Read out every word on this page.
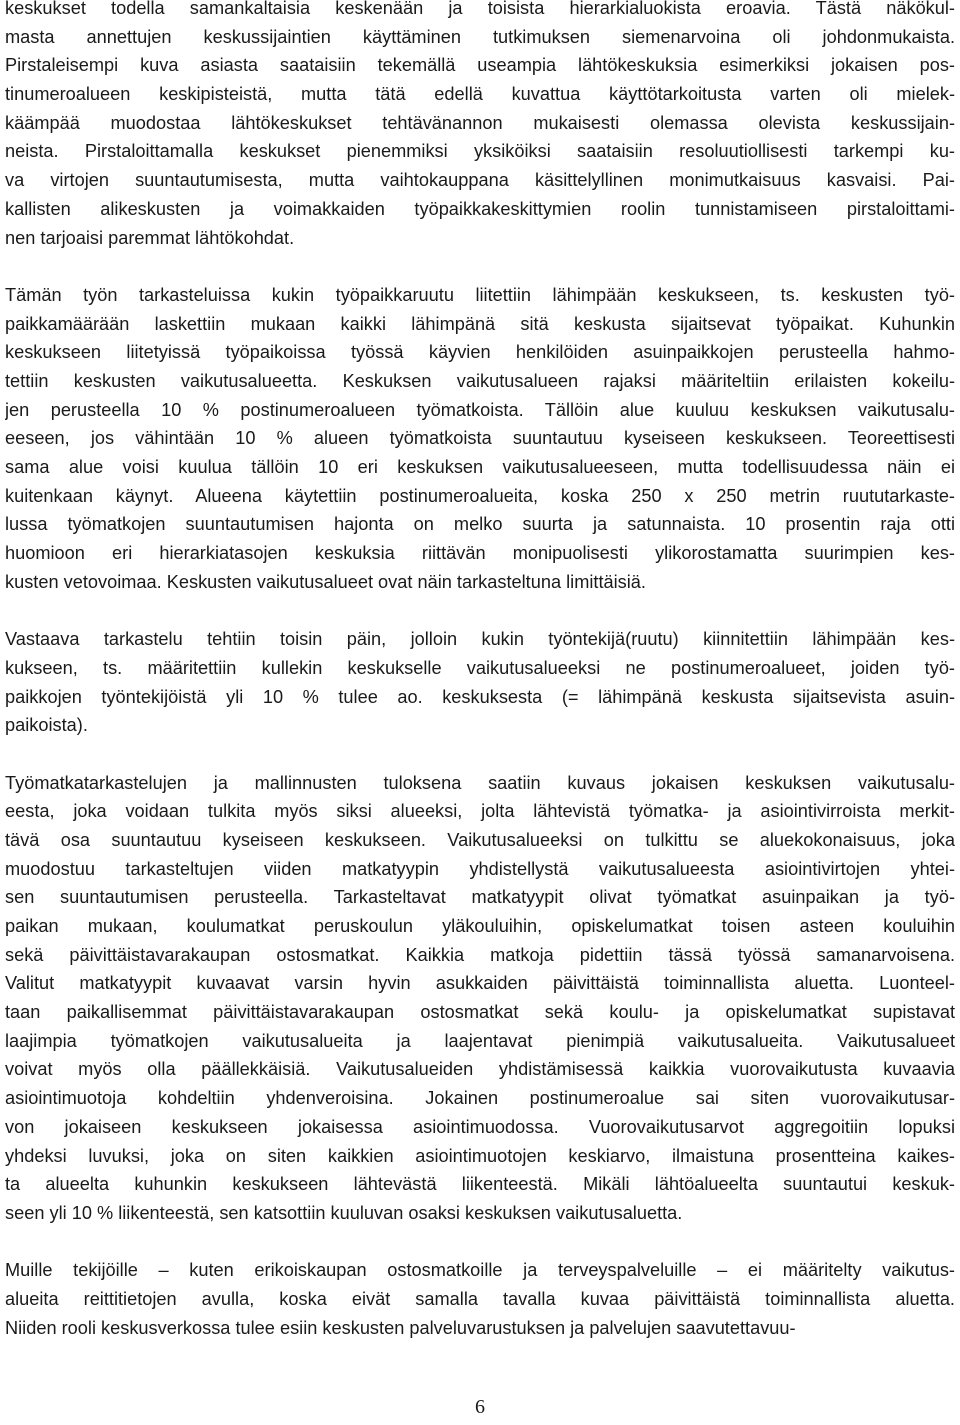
keskukset todella samankaltaisia keskenään ja toisista hierarkialuokista eroavia. Tästä näkökul-
masta annettujen keskussijaintien käyttäminen tutkimuksen siemenarvoina oli johdonmukaista.
Pirstaleisempi kuva asiasta saataisiin tekemällä useampia lähtökeskuksia esimerkiksi jokaisen pos-
tinumeroalueen keskipisteistä, mutta tätä edellä kuvattua käyttötarkoitusta varten oli mielek-
käämpää muodostaa lähtökeskukset tehtävänannon mukaisesti olemassa olevista keskussijain-
neista. Pirstaloittamalla keskukset pienemmiksi yksiköiksi saataisiin resoluutiollisesti tarkempi ku-
va virtojen suuntautumisesta, mutta vaihtokauppana käsittelyllinen monimutkaisuus kasvaisi. Pai-
kallisten alikeskusten ja voimakkaiden työpaikkakeskittymien roolin tunnistamiseen pirstaloittami-
nen tarjoaisi paremmat lähtökohdat.
Tämän työn tarkasteluissa kukin työpaikkaruutu liitettiin lähimpään keskukseen, ts. keskusten työ-
paikkamäärään laskettiin mukaan kaikki lähimpänä sitä keskusta sijaitsevat työpaikat. Kuhunkin
keskukseen liitetyissä työpaikoissa työssä käyvien henkilöiden asuinpaikkojen perusteella hahmo-
tettiin keskusten vaikutusalueetta. Keskuksen vaikutusalueen rajaksi määriteltiin erilaisten kokeilu-
jen perusteella 10 % postinumeroalueen työmatkoista. Tällöin alue kuuluu keskuksen vaikutusalu-
eeseen, jos vähintään 10 % alueen työmatkoista suuntautuu kyseiseen keskukseen. Teoreettisesti
sama alue voisi kuulua tällöin 10 eri keskuksen vaikutusalueeseen, mutta todellisuudessa näin ei
kuitenkaan käynyt. Alueena käytettiin postinumeroalueita, koska 250 x 250 metrin ruututarkaste-
lussa työmatkojen suuntautumisen hajonta on melko suurta ja satunnaista. 10 prosentin raja otti
huomioon eri hierarkiatasojen keskuksia riittävän monipuolisesti ylikorostamatta suurimpien kes-
kusten vetovoimaa. Keskusten vaikutusalueet ovat näin tarkasteltuna limittäisiä.
Vastaava tarkastelu tehtiin toisin päin, jolloin kukin työntekijä(ruutu) kiinnitettiin lähimpään kes-
kukseen, ts. määritettiin kullekin keskukselle vaikutusalueeksi ne postinumeroalueet, joiden työ-
paikkojen työntekijöistä yli 10 % tulee ao. keskuksesta (= lähimpänä keskusta sijaitsevista asuin-
paikoista).
Työmatkatarkastelujen ja mallinnusten tuloksena saatiin kuvaus jokaisen keskuksen vaikutusalu-
eesta, joka voidaan tulkita myös siksi alueeksi, jolta lähtevistä työmatka- ja asiointivirroista merkit-
tävä osa suuntautuu kyseiseen keskukseen. Vaikutusalueeksi on tulkittu se aluekokonaisuus, joka
muodostuu tarkasteltujen viiden matkatyypin yhdistellystä vaikutusalueesta asiointivirtojen yhtei-
sen suuntautumisen perusteella. Tarkasteltavat matkatyypit olivat työmatkat asuinpaikan ja työ-
paikan mukaan, koulumatkat peruskoulun yläkouluihin, opiskelumatkat toisen asteen kouluihin
sekä päivittäistavarakaupan ostosmatkat. Kaikkia matkoja pidettiin tässä työssä samanarvoisena.
Valitut matkatyypit kuvaavat varsin hyvin asukkaiden päivittäistä toiminnallista aluetta. Luonteel-
taan paikallisemmat päivittäistavarakaupan ostosmatkat sekä koulu- ja opiskelumatkat supistavat
laajimpia työmatkojen vaikutusalueita ja laajentavat pienimpiä vaikutusalueita. Vaikutusalueet
voivat myös olla päällekkäisiä. Vaikutusalueiden yhdistämisessä kaikkia vuorovaikutusta kuvaavia
asiointimuotoja kohdeltiin yhdenveroisina. Jokainen postinumeroalue sai siten vuorovaikutusar-
von jokaiseen keskukseen jokaisessa asiointimuodossa. Vuorovaikutusarvot aggregoitiin lopuksi
yhdeksi luvuksi, joka on siten kaikkien asiointimuotojen keskiarvo, ilmaistuna prosentteina kaikes-
ta alueelta kuhunkin keskukseen lähtevästä liikenteestä. Mikäli lähtöalueelta suuntautui keskuk-
seen yli 10 % liikenteestä, sen katsottiin kuuluvan osaksi keskuksen vaikutusaluetta.
Muille tekijöille – kuten erikoiskaupan ostosmatkoille ja terveyspalveluille – ei määritelty vaikutus-
alueita reittitietojen avulla, koska eivät samalla tavalla kuvaa päivittäistä toiminnallista aluetta.
Niiden rooli keskusverkossa tulee esiin keskusten palveluvarustuksen ja palvelujen saavutettavuu-
6
